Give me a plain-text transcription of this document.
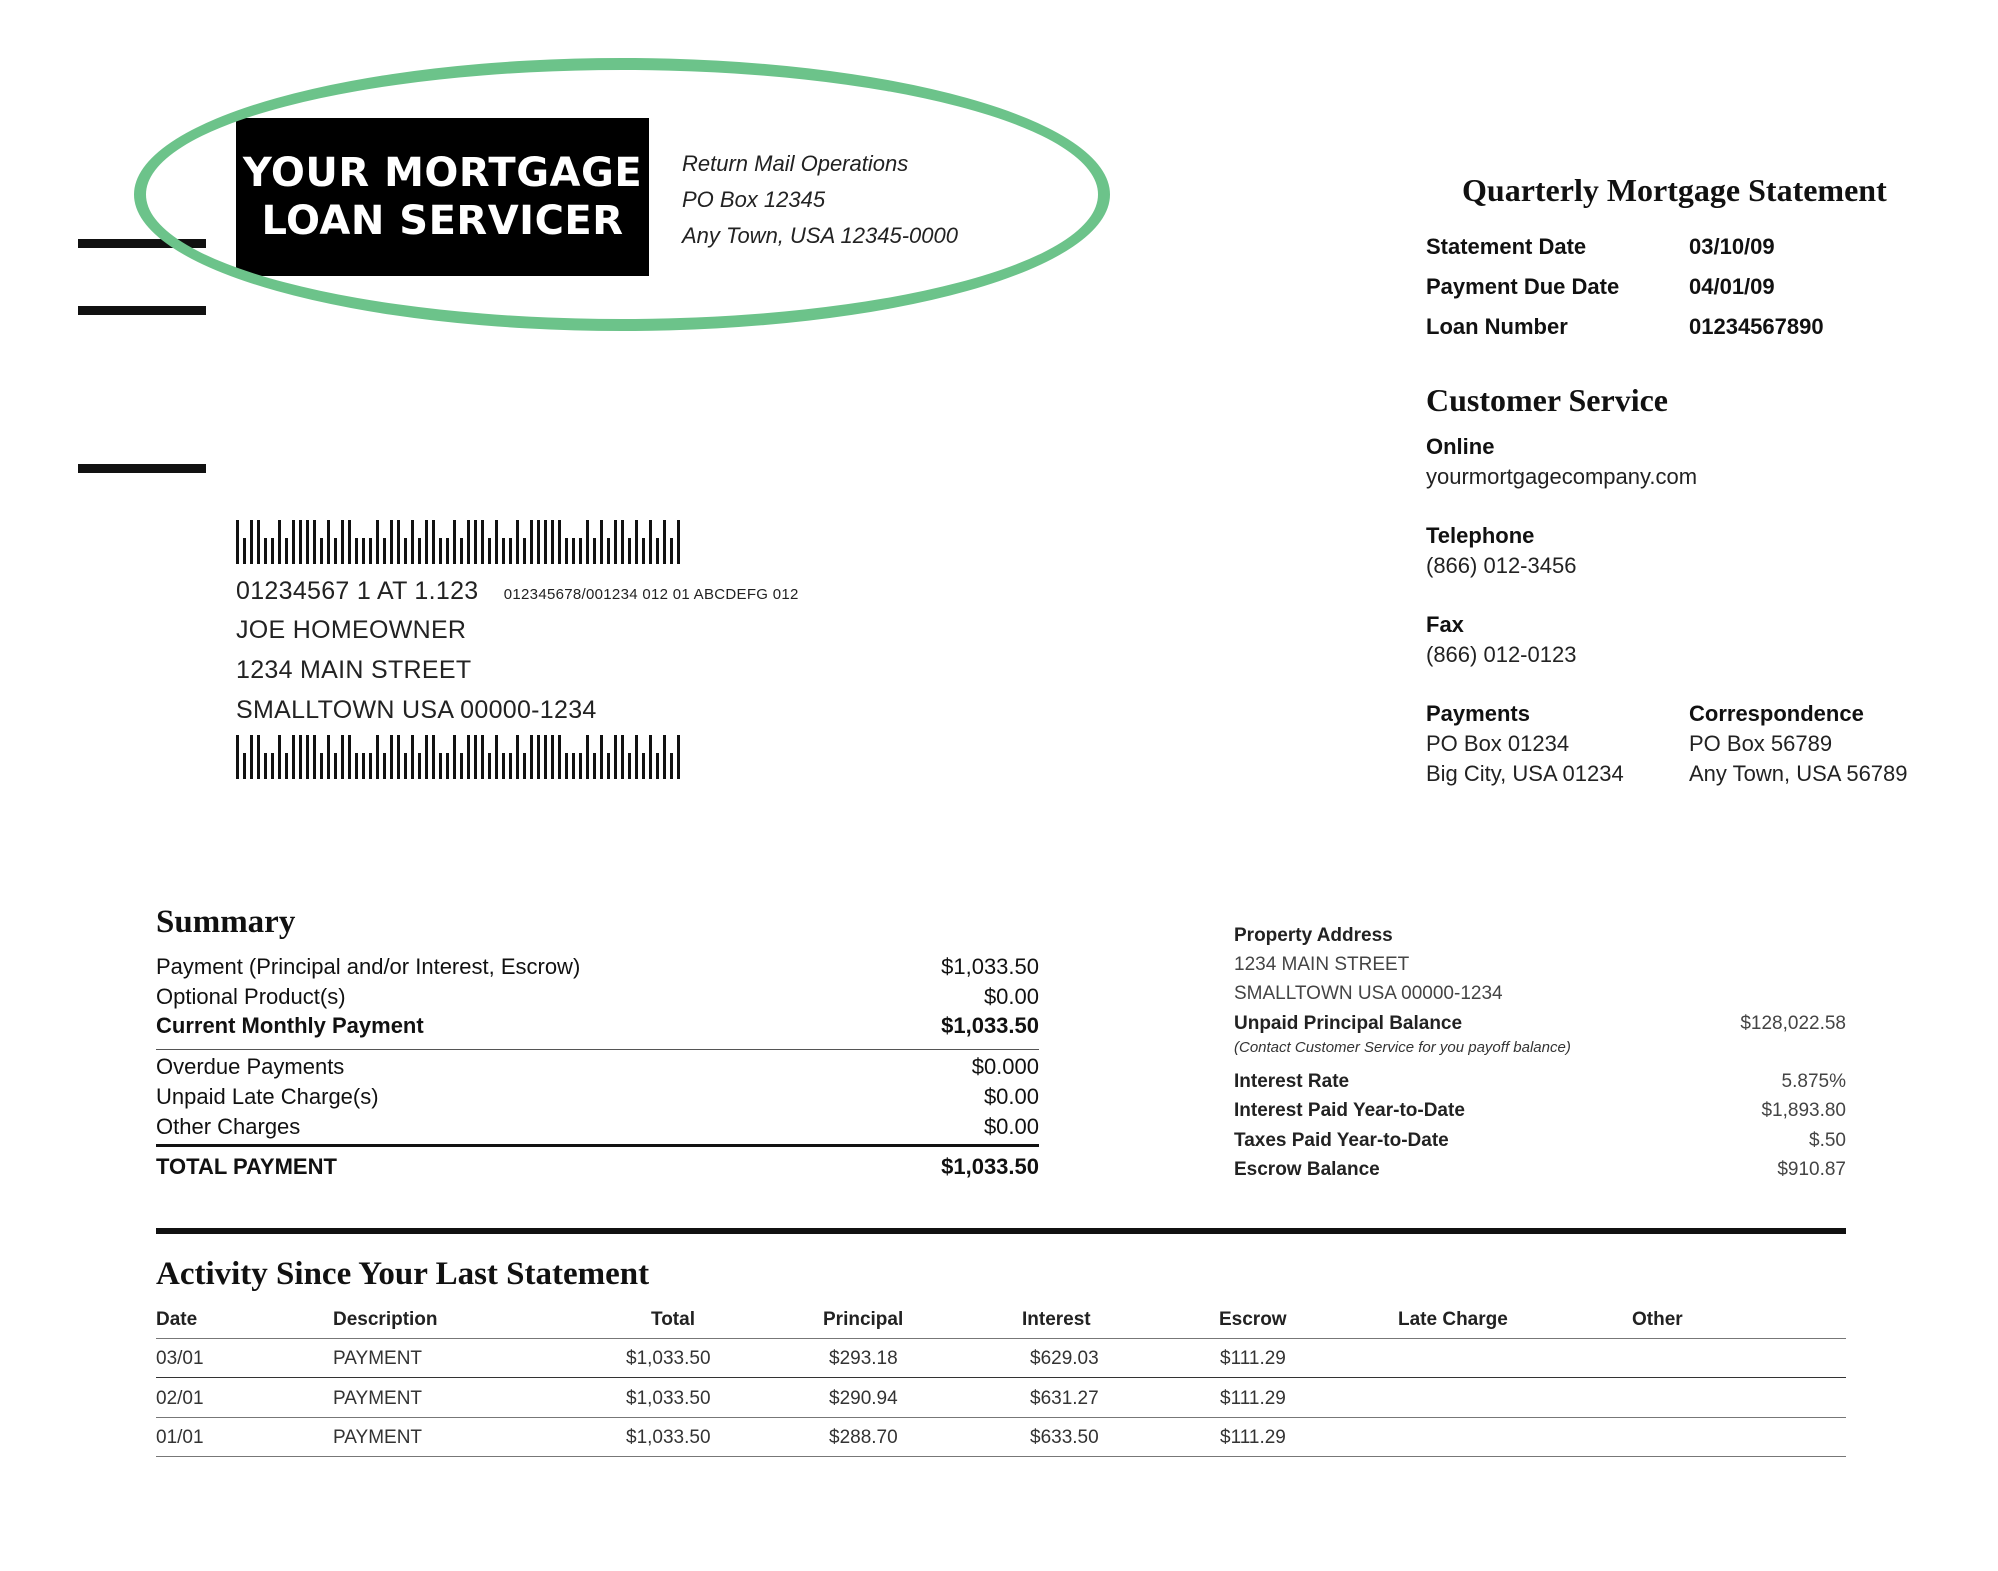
YOUR MORTGAGE
LOAN SERVICER
Return Mail Operations
PO Box 12345
Any Town, USA 12345-0000
Quarterly Mortgage Statement
Statement Date	03/10/09
Payment Due Date	04/01/09
Loan Number	01234567890
Customer Service
Online
yourmortgagecompany.com
Telephone
(866) 012-3456
Fax
(866) 012-0123
Payments
PO Box 01234
Big City, USA 01234
Correspondence
PO Box 56789
Any Town, USA 56789
01234567 1 AT 1.123 012345678/001234 012 01 ABCDEFG 012
JOE HOMEOWNER
1234 MAIN STREET
SMALLTOWN USA 00000-1234
Summary
Payment (Principal and/or Interest, Escrow)	$1,033.50
Optional Product(s)	$0.00
Current Monthly Payment	$1,033.50
Overdue Payments	$0.000
Unpaid Late Charge(s)	$0.00
Other Charges	$0.00
TOTAL PAYMENT	$1,033.50
Property Address
1234 MAIN STREET
SMALLTOWN USA 00000-1234
Unpaid Principal Balance	$128,022.58
(Contact Customer Service for you payoff balance)
Interest Rate	5.875%
Interest Paid Year-to-Date	$1,893.80
Taxes Paid Year-to-Date	$.50
Escrow Balance	$910.87
Activity Since Your Last Statement
Date	Description	Total	Principal	Interest	Escrow	Late Charge	Other
03/01	PAYMENT	$1,033.50	$293.18	$629.03	$111.29
02/01	PAYMENT	$1,033.50	$290.94	$631.27	$111.29
01/01	PAYMENT	$1,033.50	$288.70	$633.50	$111.29
